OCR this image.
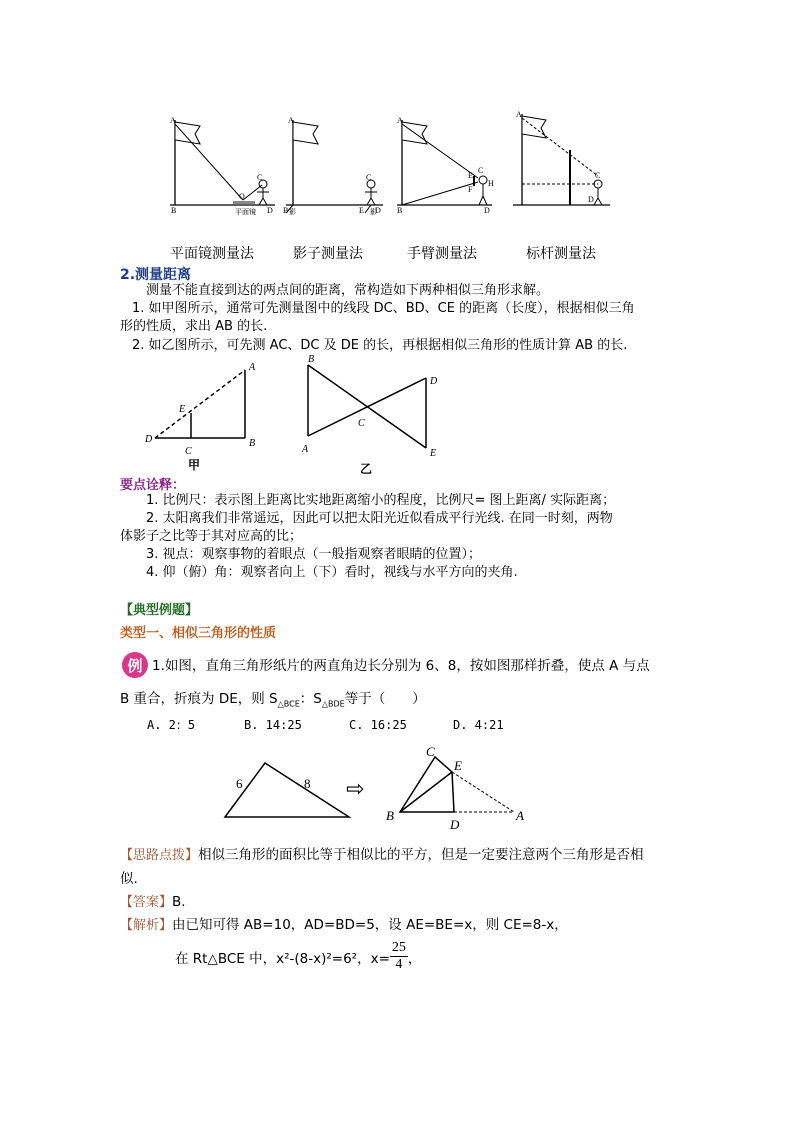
A
B
O
C
D
平面镜
A
B 影
C
E D
影
A
B
E
F
C
H
D
A
C
D
平面镜测量法	影子测量法	手臂测量法	标杆测量法
2.测量距离
测量不能直接到达的两点间的距离，常构造如下两种相似三角形求解。
1. 如甲图所示，通常可先测量图中的线段 DC、BD、CE 的距离（长度），根据相似三角
形的性质，求出 AB 的长.
2. 如乙图所示，可先测 AC、DC 及 DE 的长，再根据相似三角形的性质计算 AB 的长.
A
B
D
C
E
甲
B
A
C
D
E
乙
要点诠释：
1. 比例尺：表示图上距离比实地距离缩小的程度，比例尺= 图上距离/ 实际距离；
2. 太阳离我们非常遥远，因此可以把太阳光近似看成平行光线. 在同一时刻，两物
体影子之比等于其对应高的比；
3. 视点：观察事物的着眼点（一般指观察者眼睛的位置）；
4. 仰（俯）角：观察者向上（下）看时，视线与水平方向的夹角.
【典型例题】
类型一、相似三角形的性质
例 1.如图，直角三角形纸片的两直角边长分别为 6、8，按如图那样折叠，使点 A 与点
B 重合，折痕为 DE，则 $S_{\triangle BCE}$：$S_{\triangle BDE}$等于（　　）
A. 2：5	B. 14:25	C. 16:25	D. 4:21
6	8 ⇨
C
E
B
D
A
【思路点拨】相似三角形的面积比等于相似比的平方，但是一定要注意两个三角形是否相
似.
【答案】B.
【解析】由已知可得 AB=10，AD=BD=5，设 AE=BE=x，则 CE=8-x，
在 Rt△BCE 中，x²-(8-x)²=6²，$x= \frac{25}{4}$ ，
